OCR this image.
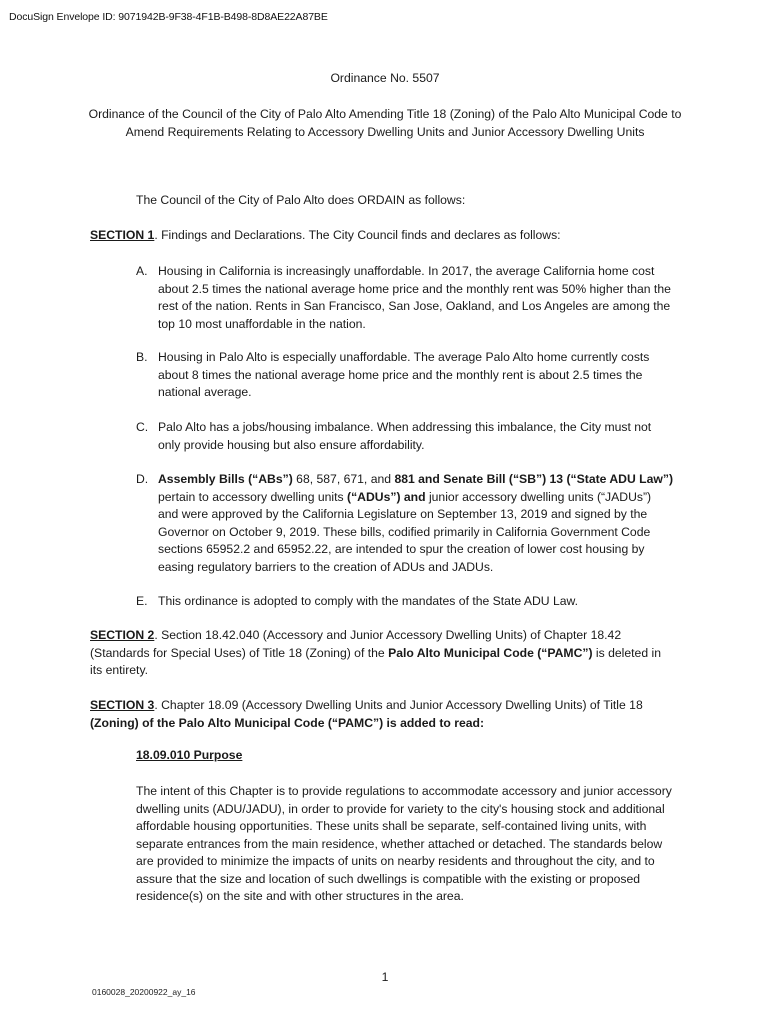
DocuSign Envelope ID: 9071942B-9F38-4F1B-B498-8D8AE22A87BE
Ordinance No. 5507
Ordinance of the Council of the City of Palo Alto Amending Title 18 (Zoning) of the Palo Alto Municipal Code to Amend Requirements Relating to Accessory Dwelling Units and Junior Accessory Dwelling Units
The Council of the City of Palo Alto does ORDAIN as follows:
SECTION 1. Findings and Declarations. The City Council finds and declares as follows:
A. Housing in California is increasingly unaffordable. In 2017, the average California home cost about 2.5 times the national average home price and the monthly rent was 50% higher than the rest of the nation. Rents in San Francisco, San Jose, Oakland, and Los Angeles are among the top 10 most unaffordable in the nation.
B. Housing in Palo Alto is especially unaffordable. The average Palo Alto home currently costs about 8 times the national average home price and the monthly rent is about 2.5 times the national average.
C. Palo Alto has a jobs/housing imbalance. When addressing this imbalance, the City must not only provide housing but also ensure affordability.
D. Assembly Bills (“ABs”) 68, 587, 671, and 881 and Senate Bill (“SB”) 13 (“State ADU Law”) pertain to accessory dwelling units (“ADUs”) and junior accessory dwelling units (“JADUs”) and were approved by the California Legislature on September 13, 2019 and signed by the Governor on October 9, 2019. These bills, codified primarily in California Government Code sections 65952.2 and 65952.22, are intended to spur the creation of lower cost housing by easing regulatory barriers to the creation of ADUs and JADUs.
E. This ordinance is adopted to comply with the mandates of the State ADU Law.
SECTION 2. Section 18.42.040 (Accessory and Junior Accessory Dwelling Units) of Chapter 18.42 (Standards for Special Uses) of Title 18 (Zoning) of the Palo Alto Municipal Code (“PAMC”) is deleted in its entirety.
SECTION 3. Chapter 18.09 (Accessory Dwelling Units and Junior Accessory Dwelling Units) of Title 18 (Zoning) of the Palo Alto Municipal Code (“PAMC”) is added to read:
18.09.010 Purpose
The intent of this Chapter is to provide regulations to accommodate accessory and junior accessory dwelling units (ADU/JADU), in order to provide for variety to the city's housing stock and additional affordable housing opportunities. These units shall be separate, self-contained living units, with separate entrances from the main residence, whether attached or detached. The standards below are provided to minimize the impacts of units on nearby residents and throughout the city, and to assure that the size and location of such dwellings is compatible with the existing or proposed residence(s) on the site and with other structures in the area.
1
0160028_20200922_ay_16
